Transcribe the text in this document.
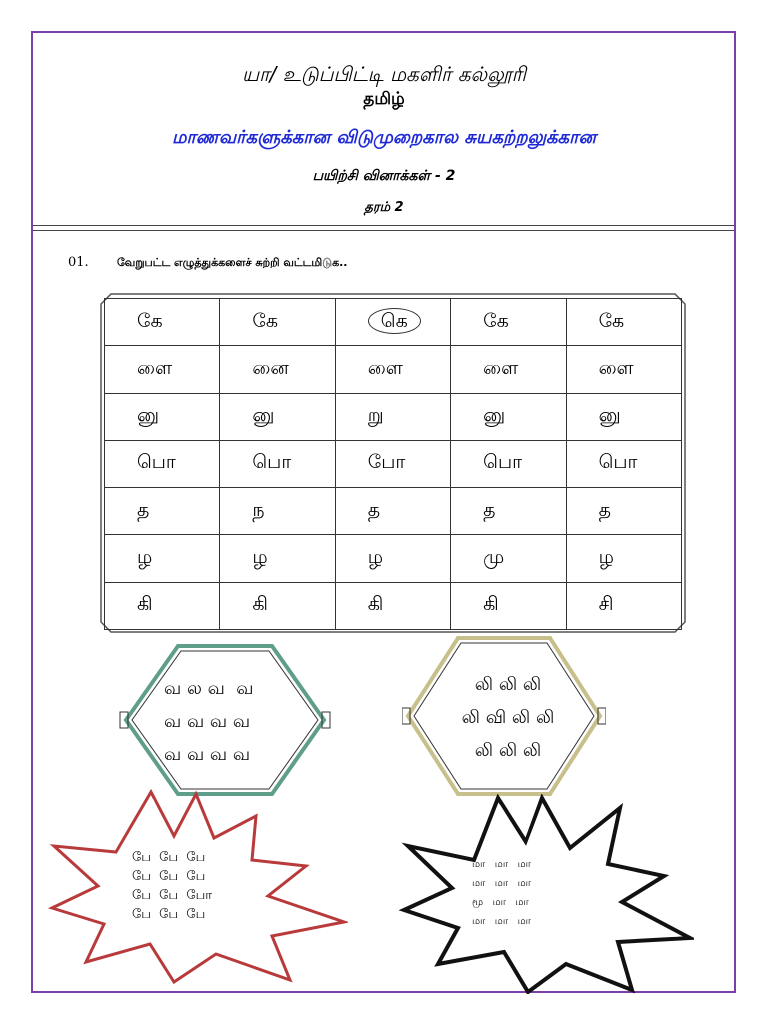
யா/ உடுப்பிட்டி மகளிர் கல்லூரி
தமிழ்
மாணவர்களுக்கான விடுமுறைகால சுயகற்றலுக்கான
பயிற்சி வினாக்கள் - 2
தரம் 2
01.	வேறுபட்ட எழுத்துக்களைச் சுற்றி வட்டமிடுக..
கே	கே	கெ	கே	கே
ளை	னை	ளை	ளை	ளை
னு	னு	று	னு	னு
பொ	பொ	போ	பொ	பொ
த	ந	த	த	த
ழ	ழ	ழ	மு	ழ
கி	கி	கி	கி	சி
வ ல வ  வ
வ வ வ வ
வ வ வ வ
லி லி லி
லி வி லி லி
லி லி லி
பே  பே  பே
பே  பே  பே
பே  பே  போ
பே  பே  பே
மா   மா   மா
மா   மா   மா
மூ   மா   மா
மா   மா   மா
